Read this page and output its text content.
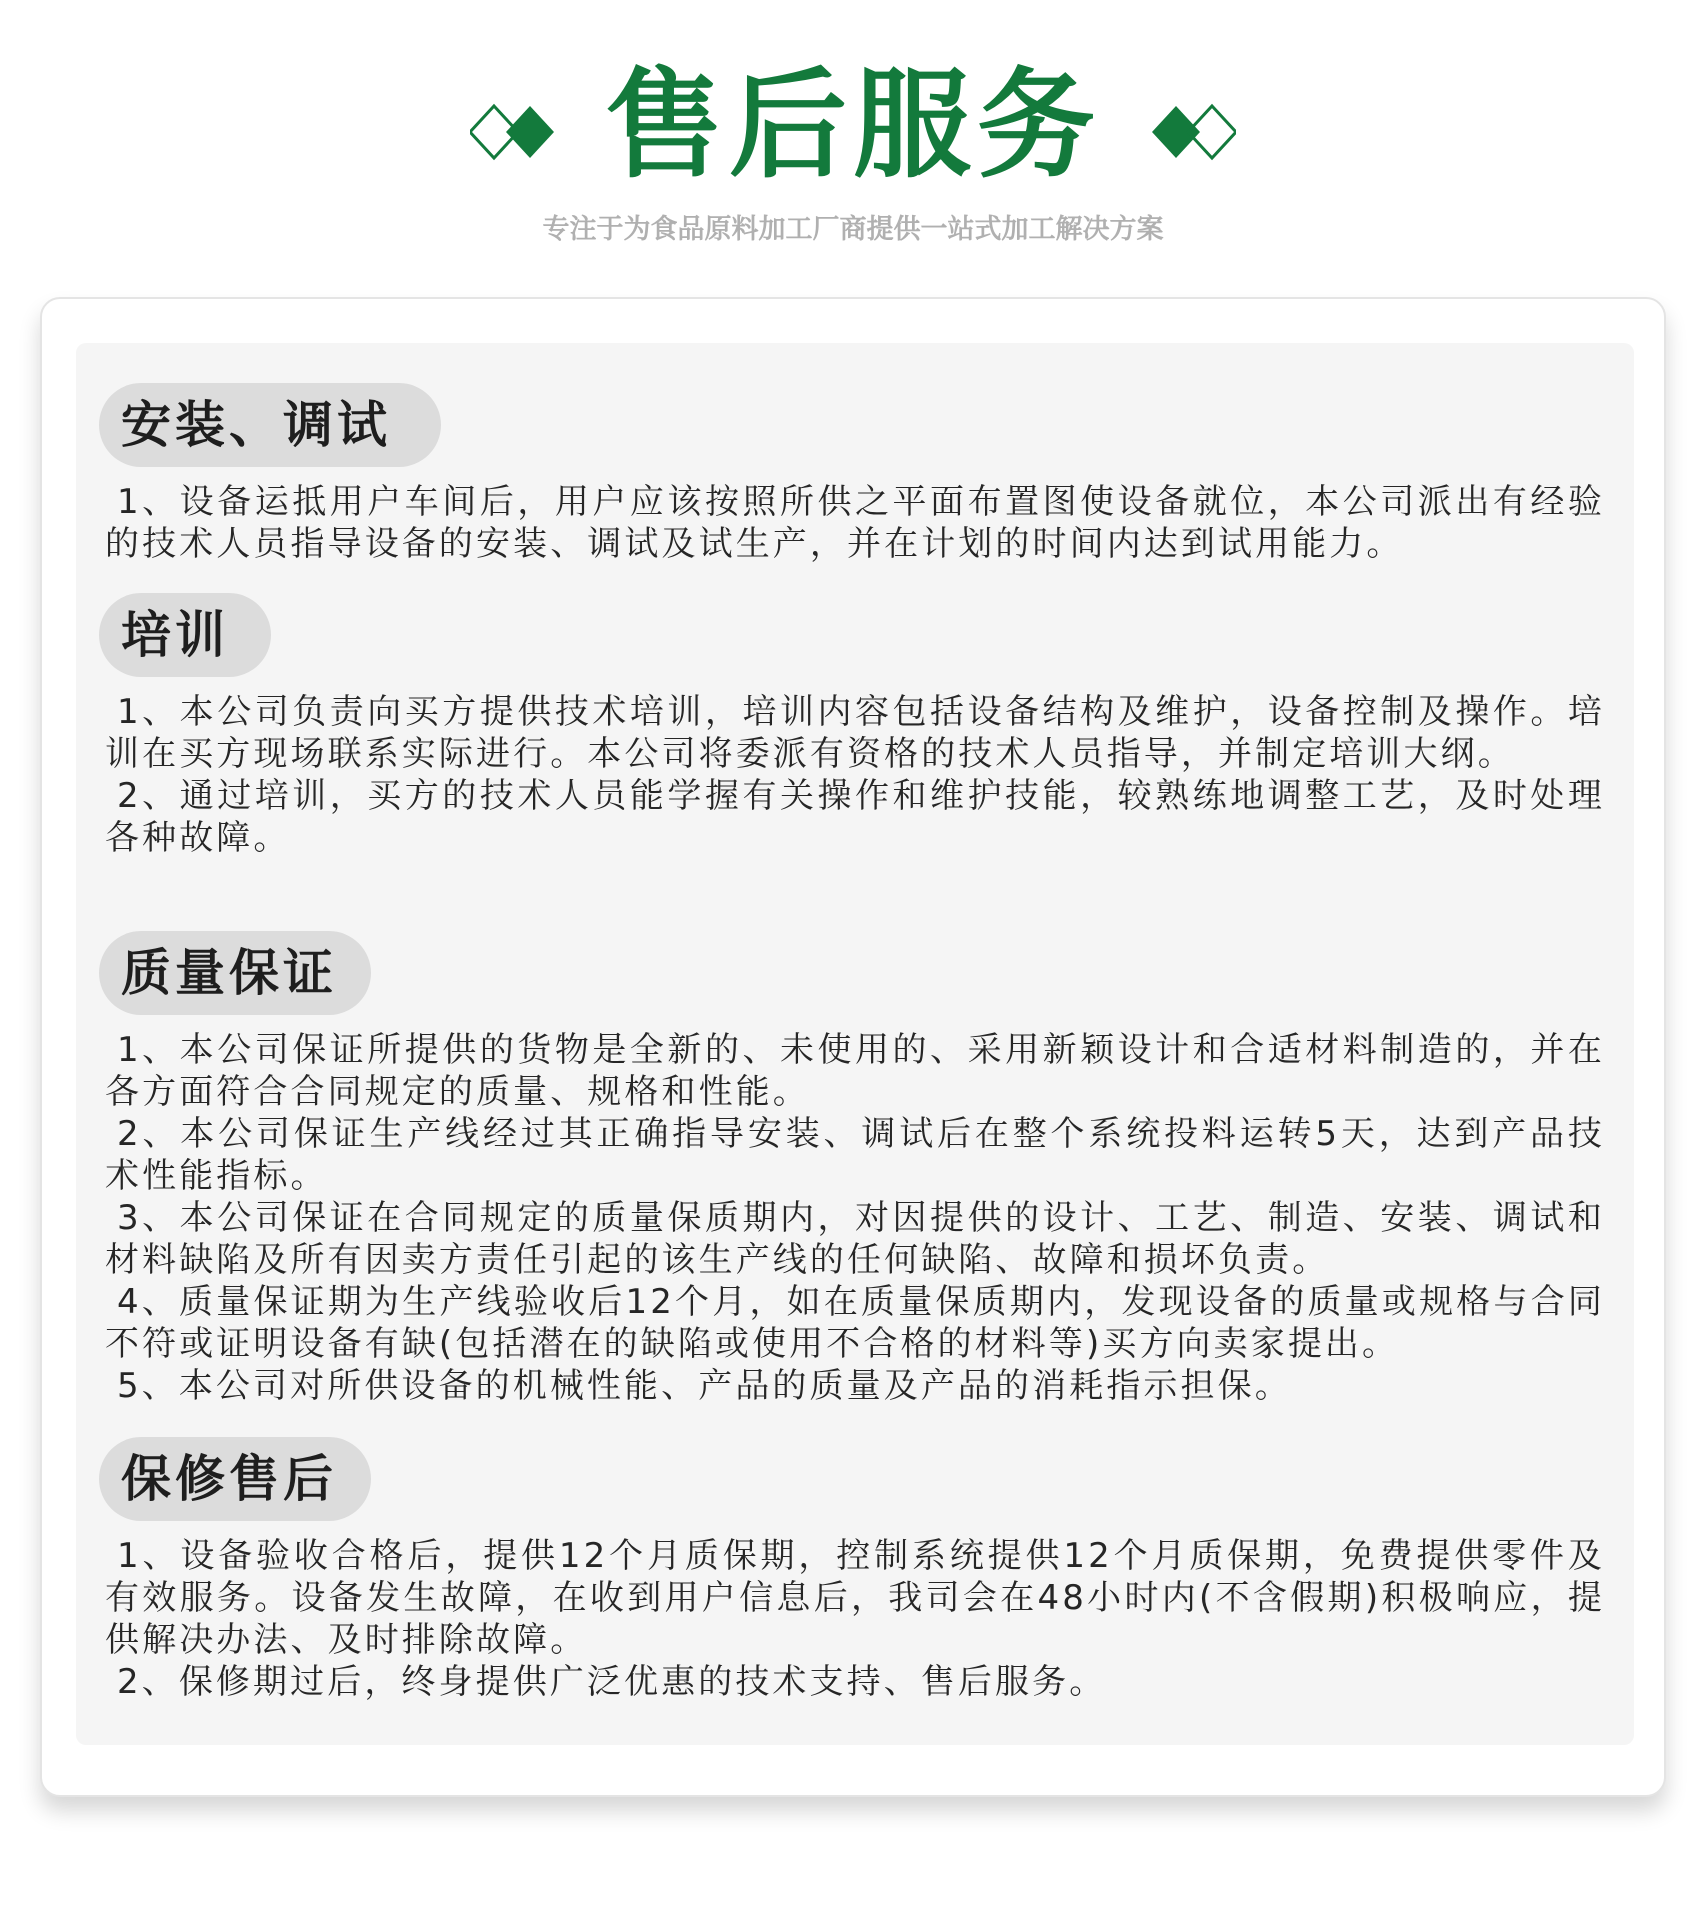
售后服务
专注于为食品原料加工厂商提供一站式加工解决方案
安装、调试

1、设备运抵用户车间后，用户应该按照所供之平面布置图使设备就位，本公司派出有经验的技术人员指导设备的安装、调试及试生产，并在计划的时间内达到试用能力。

培训

1、本公司负责向买方提供技术培训，培训内容包括设备结构及维护，设备控制及操作。培训在买方现场联系实际进行。本公司将委派有资格的技术人员指导，并制定培训大纲。

2、通过培训，买方的技术人员能学握有关操作和维护技能，较熟练地调整工艺，及时处理各种故障。

质量保证

1、本公司保证所提供的货物是全新的、未使用的、采用新颖设计和合适材料制造的，并在各方面符合合同规定的质量、规格和性能。

2、本公司保证生产线经过其正确指导安装、调试后在整个系统投料运转5天，达到产品技术性能指标。

3、本公司保证在合同规定的质量保质期内，对因提供的设计、工艺、制造、安装、调试和材料缺陷及所有因卖方责任引起的该生产线的任何缺陷、故障和损坏负责。

4、质量保证期为生产线验收后12个月，如在质量保质期内，发现设备的质量或规格与合同不符或证明设备有缺(包括潜在的缺陷或使用不合格的材料等)买方向卖家提出。

5、本公司对所供设备的机械性能、产品的质量及产品的消耗指示担保。

保修售后

1、设备验收合格后，提供12个月质保期，控制系统提供12个月质保期，免费提供零件及有效服务。设备发生故障，在收到用户信息后，我司会在48小时内(不含假期)积极响应，提供解决办法、及时排除故障。

2、保修期过后，终身提供广泛优惠的技术支持、售后服务。
